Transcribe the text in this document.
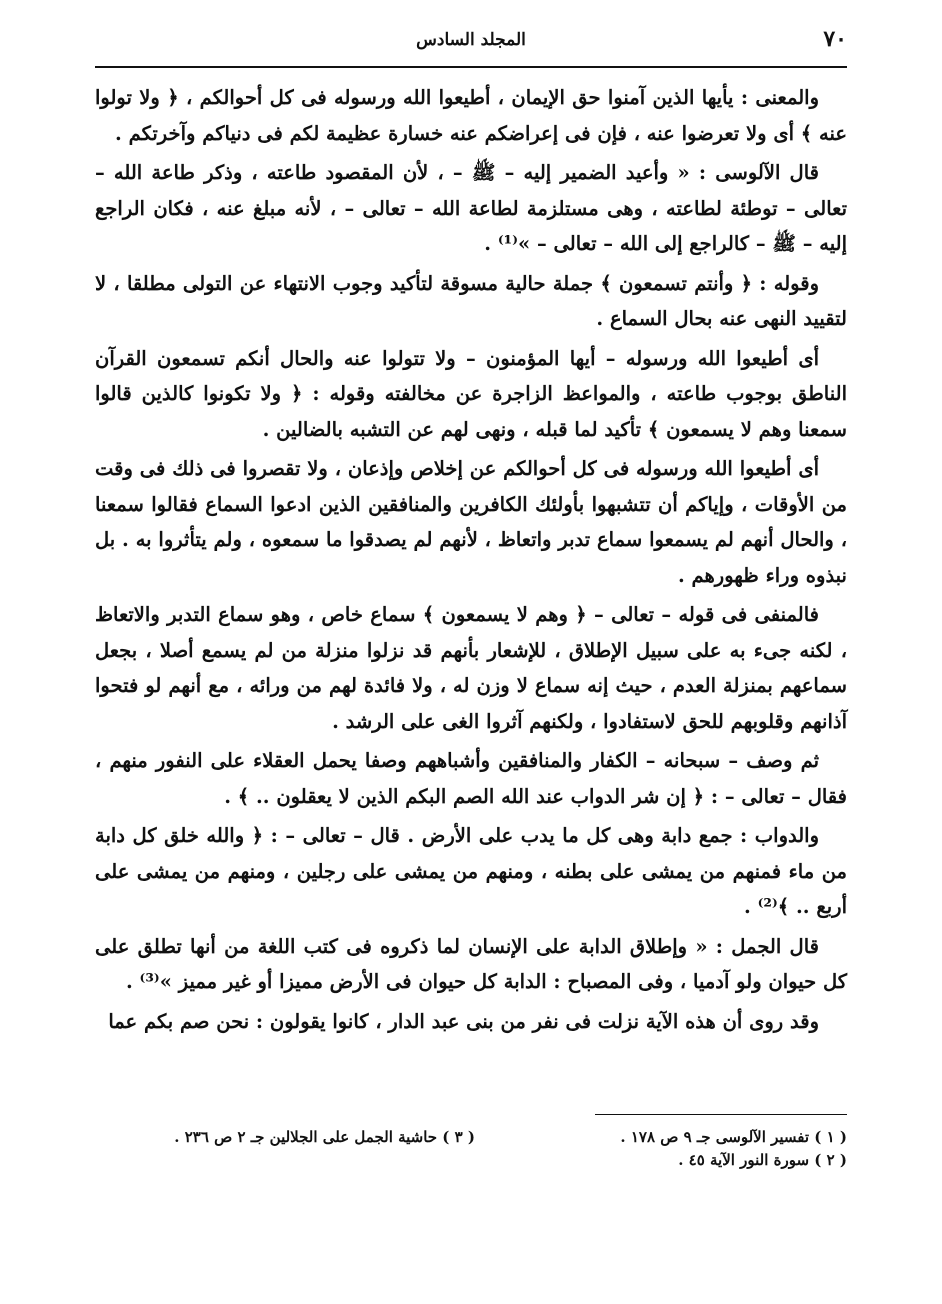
٧٠
المجلد السادس

والمعنى : يأيها الذين آمنوا حق الإيمان ، أطيعوا الله ورسوله فى كل أحوالكم ، ﴿ ولا تولوا عنه ﴾ أى ولا تعرضوا عنه ، فإن فى إعراضكم عنه خسارة عظيمة لكم فى دنياكم وآخرتكم .

قال الآلوسى : « وأعيد الضمير إليه – ﷺ – ، لأن المقصود طاعته ، وذكر طاعة الله – تعالى – توطئة لطاعته ، وهى مستلزمة لطاعة الله – تعالى – ، لأنه مبلغ عنه ، فكان الراجع إليه – ﷺ – كالراجع إلى الله – تعالى – »⁽¹⁾ .

وقوله : ﴿ وأنتم تسمعون ﴾ جملة حالية مسوقة لتأكيد وجوب الانتهاء عن التولى مطلقا ، لا لتقييد النهى عنه بحال السماع .

أى أطيعوا الله ورسوله – أيها المؤمنون – ولا تتولوا عنه والحال أنكم تسمعون القرآن الناطق بوجوب طاعته ، والمواعظ الزاجرة عن مخالفته وقوله : ﴿ ولا تكونوا كالذين قالوا سمعنا وهم لا يسمعون ﴾ تأكيد لما قبله ، ونهى لهم عن التشبه بالضالين .

أى أطيعوا الله ورسوله فى كل أحوالكم عن إخلاص وإذعان ، ولا تقصروا فى ذلك فى وقت من الأوقات ، وإياكم أن تتشبهوا بأولئك الكافرين والمنافقين الذين ادعوا السماع فقالوا سمعنا ، والحال أنهم لم يسمعوا سماع تدبر واتعاظ ، لأنهم لم يصدقوا ما سمعوه ، ولم يتأثروا به . بل نبذوه وراء ظهورهم .

فالمنفى فى قوله – تعالى – ﴿ وهم لا يسمعون ﴾ سماع خاص ، وهو سماع التدبر والاتعاظ ، لكنه جىء به على سبيل الإطلاق ، للإشعار بأنهم قد نزلوا منزلة من لم يسمع أصلا ، بجعل سماعهم بمنزلة العدم ، حيث إنه سماع لا وزن له ، ولا فائدة لهم من ورائه ، مع أنهم لو فتحوا آذانهم وقلوبهم للحق لاستفادوا ، ولكنهم آثروا الغى على الرشد .

ثم وصف – سبحانه – الكفار والمنافقين وأشباههم وصفا يحمل العقلاء على النفور منهم ، فقال – تعالى – : ﴿ إن شر الدواب عند الله الصم البكم الذين لا يعقلون .. ﴾ .

والدواب : جمع دابة وهى كل ما يدب على الأرض . قال – تعالى – : ﴿ والله خلق كل دابة من ماء فمنهم من يمشى على بطنه ، ومنهم من يمشى على رجلين ، ومنهم من يمشى على أربع .. ﴾⁽²⁾ .

قال الجمل : « وإطلاق الدابة على الإنسان لما ذكروه فى كتب اللغة من أنها تطلق على كل حيوان ولو آدميا ، وفى المصباح : الدابة كل حيوان فى الأرض مميزا أو غير مميز »⁽³⁾ .

وقد روى أن هذه الآية نزلت فى نفر من بنى عبد الدار ، كانوا يقولون : نحن صم بكم عما

( ١ ) تفسير الآلوسى جـ ٩ ص ١٧٨ .
( ٢ ) سورة النور الآية ٤٥ .
( ٣ ) حاشية الجمل على الجلالين جـ ٢ ص ٢٣٦ .
